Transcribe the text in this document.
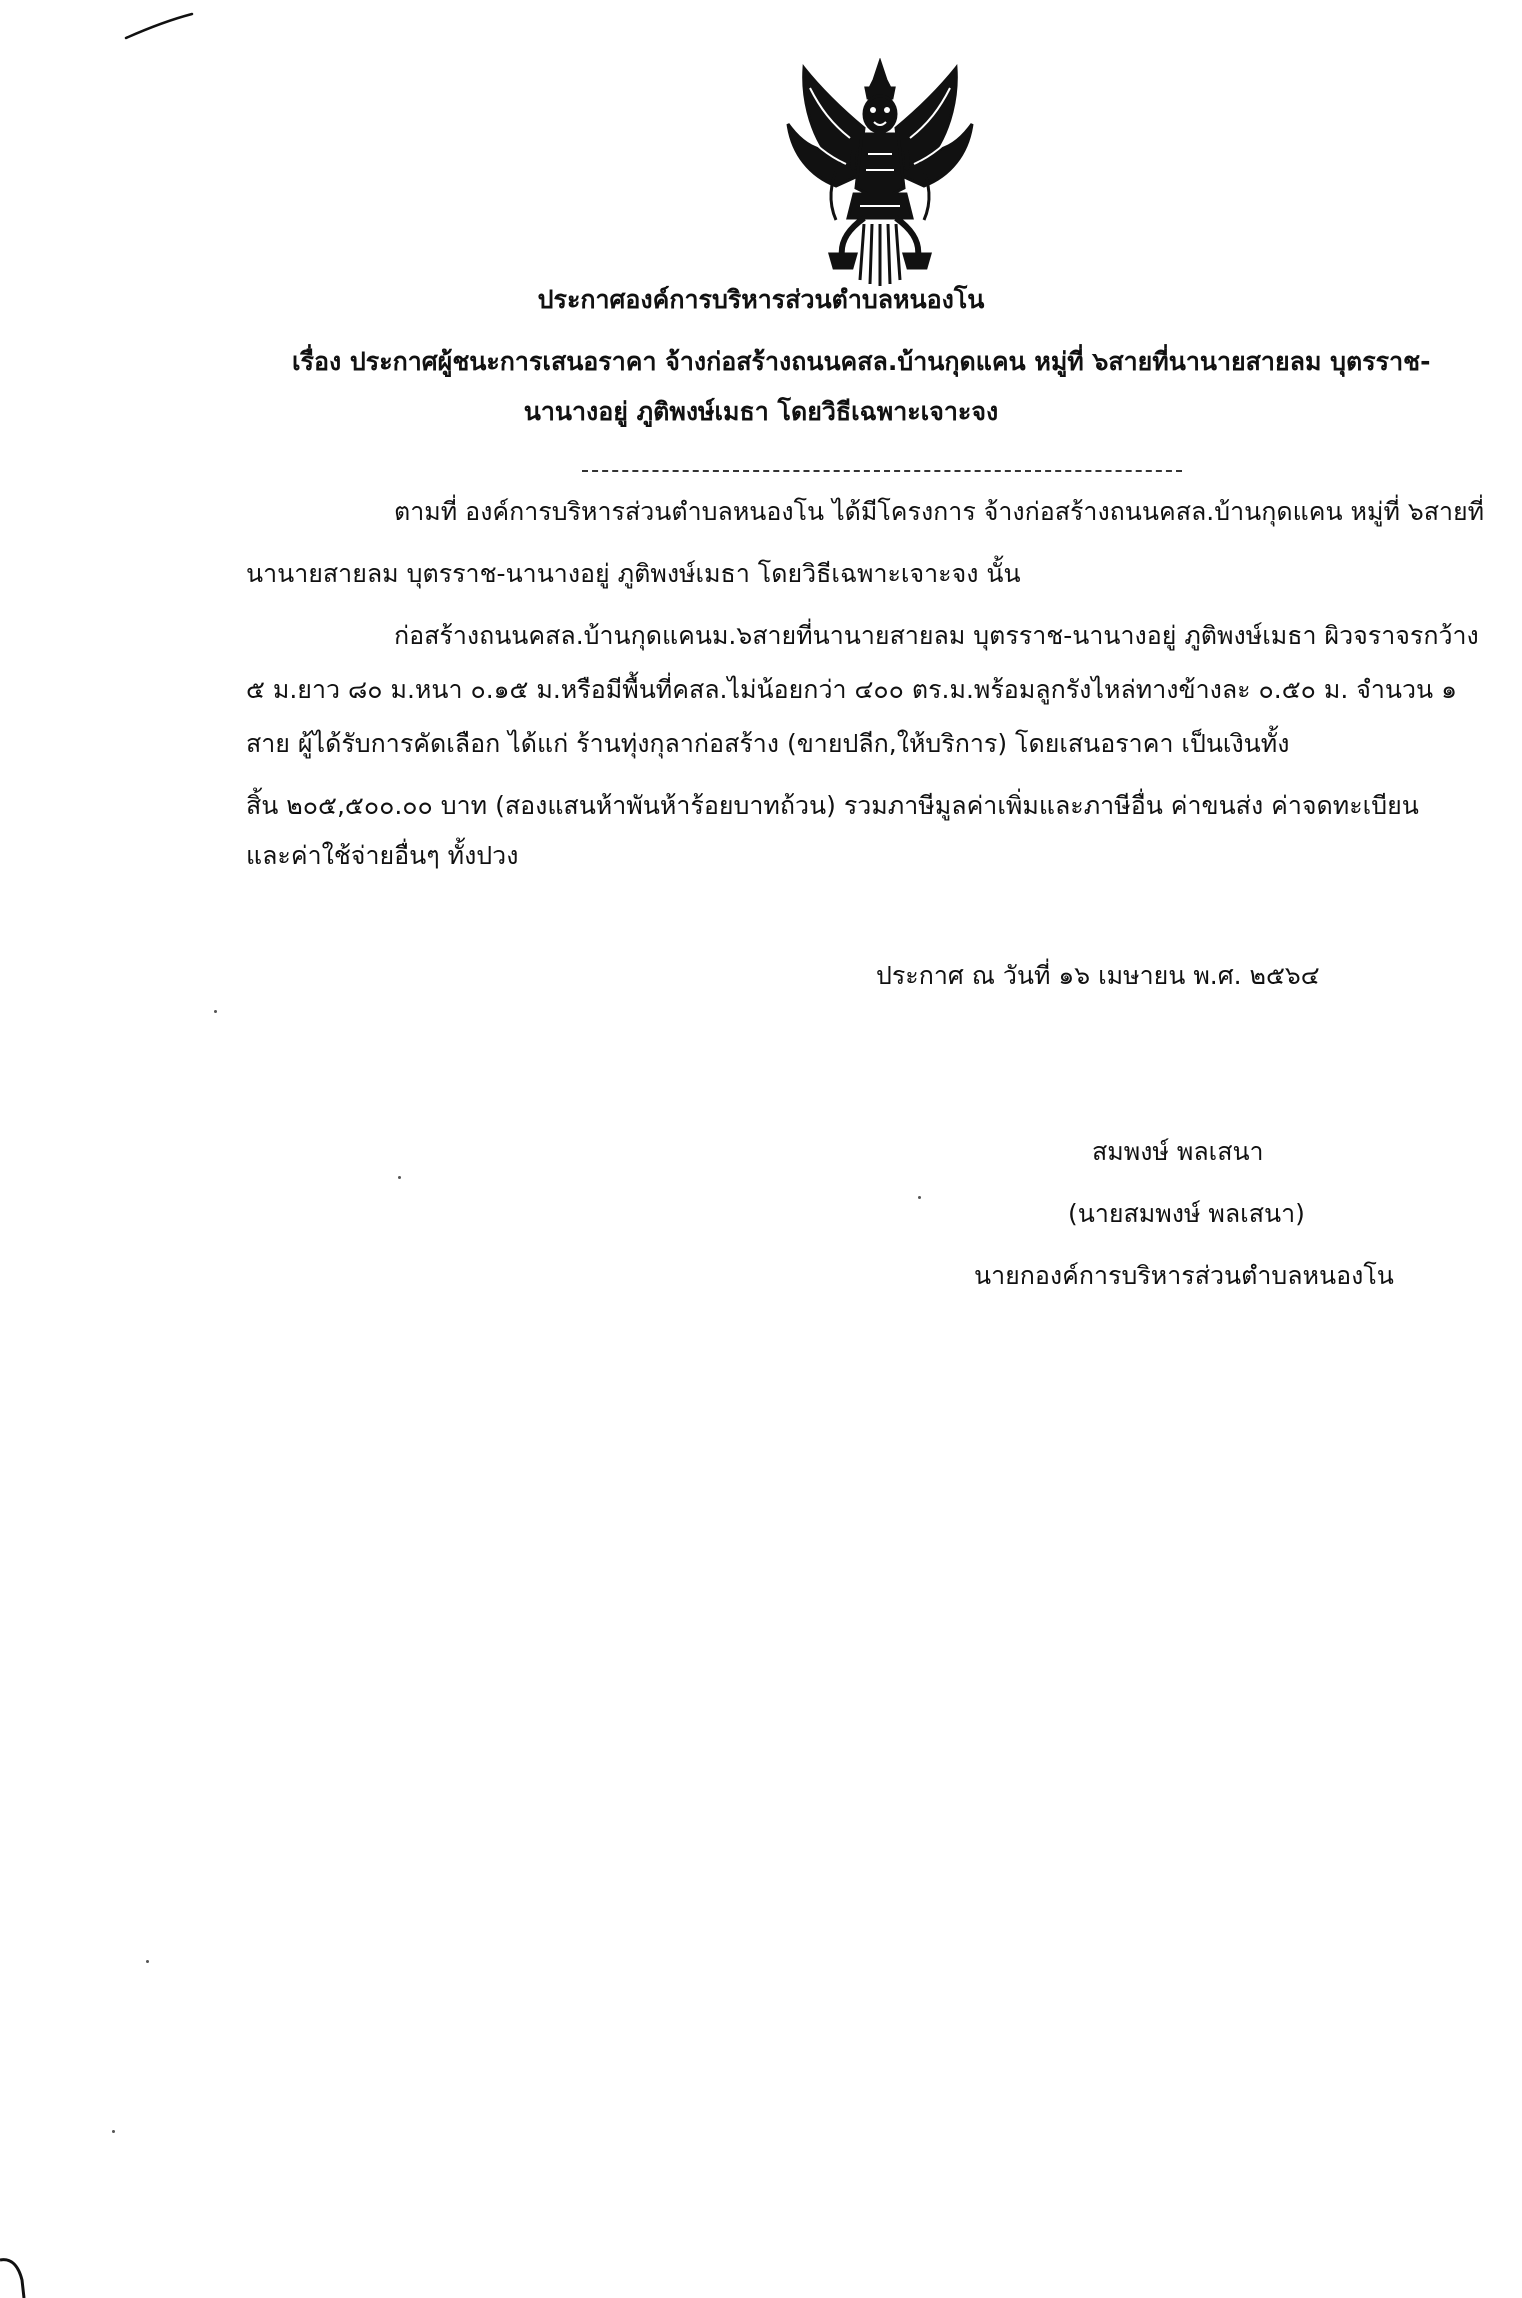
ประกาศองค์การบริหารส่วนตำบลหนองโน
เรื่อง ประกาศผู้ชนะการเสนอราคา จ้างก่อสร้างถนนคสล.บ้านกุดแคน หมู่ที่ ๖สายที่นานายสายลม บุตรราช-
นานางอยู่ ภูติพงษ์เมธา โดยวิธีเฉพาะเจาะจง
ตามที่ องค์การบริหารส่วนตำบลหนองโน ได้มีโครงการ จ้างก่อสร้างถนนคสล.บ้านกุดแคน หมู่ที่ ๖สายที่
นานายสายลม บุตรราช-นานางอยู่ ภูติพงษ์เมธา โดยวิธีเฉพาะเจาะจง นั้น
ก่อสร้างถนนคสล.บ้านกุดแคนม.๖สายที่นานายสายลม บุตรราช-นานางอยู่ ภูติพงษ์เมธา ผิวจราจรกว้าง
๕ ม.ยาว ๘๐ ม.หนา ๐.๑๕ ม.หรือมีพื้นที่คสล.ไม่น้อยกว่า ๔๐๐ ตร.ม.พร้อมลูกรังไหล่ทางข้างละ ๐.๕๐ ม. จำนวน ๑
สาย ผู้ได้รับการคัดเลือก ได้แก่ ร้านทุ่งกุลาก่อสร้าง (ขายปลีก,ให้บริการ) โดยเสนอราคา เป็นเงินทั้ง
สิ้น ๒๐๕,๕๐๐.๐๐ บาท (สองแสนห้าพันห้าร้อยบาทถ้วน) รวมภาษีมูลค่าเพิ่มและภาษีอื่น ค่าขนส่ง ค่าจดทะเบียน
และค่าใช้จ่ายอื่นๆ ทั้งปวง
ประกาศ ณ วันที่ ๑๖ เมษายน พ.ศ. ๒๕๖๔
สมพงษ์ พลเสนา
(นายสมพงษ์ พลเสนา)
นายกองค์การบริหารส่วนตำบลหนองโน
